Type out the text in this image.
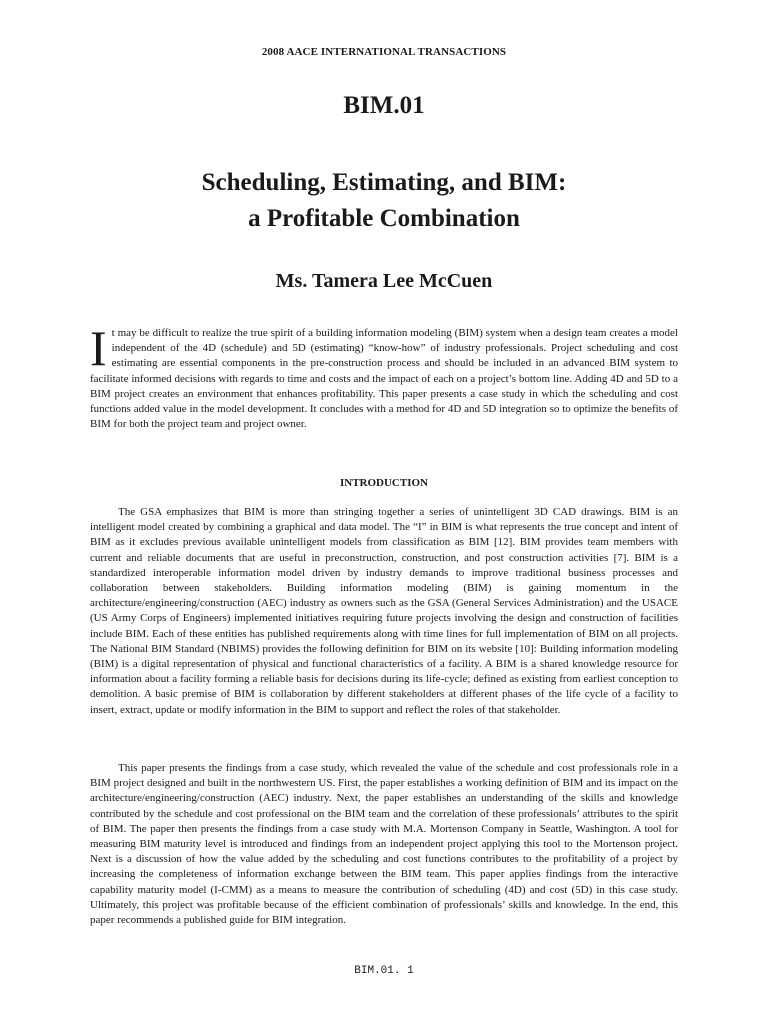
2008 AACE INTERNATIONAL TRANSACTIONS
BIM.01
Scheduling, Estimating, and BIM:
a Profitable Combination
Ms. Tamera Lee McCuen
I t may be difficult to realize the true spirit of a building information modeling (BIM) system when a design team creates a model independent of the 4D (schedule) and 5D (estimating) “know-how” of industry professionals. Project scheduling and cost estimating are essential components in the pre-construction process and should be included in an advanced BIM system to facilitate informed decisions with regards to time and costs and the impact of each on a project’s bottom line. Adding 4D and 5D to a BIM project creates an environment that enhances profitability. This paper presents a case study in which the scheduling and cost functions added value in the model development. It concludes with a method for 4D and 5D integration so to optimize the benefits of BIM for both the project team and project owner.
INTRODUCTION

The GSA emphasizes that BIM is more than stringing together a series of unintelligent 3D CAD drawings. BIM is an intelligent model created by combining a graphical and data model. The “I” in BIM is what represents the true concept and intent of BIM as it excludes previous available unintelligent models from classification as BIM [12]. BIM provides team members with current and reliable documents that are useful in preconstruction, construction, and post construction activities [7]. BIM is a standardized interoperable information model driven by industry demands to improve traditional business processes and collaboration between stakeholders. Building information modeling (BIM) is gaining momentum in the architecture/engineering/construction (AEC) industry as owners such as the GSA (General Services Administration) and the USACE (US Army Corps of Engineers) implemented initiatives requiring future projects involving the design and construction of facilities include BIM. Each of these entities has published requirements along with time lines for full implementation of BIM on all projects. The National BIM Standard (NBIMS) provides the following definition for BIM on its website [10]: Building information modeling (BIM) is a digital representation of physical and functional characteristics of a facility. A BIM is a shared knowledge resource for information about a facility forming a reliable basis for decisions during its life-cycle; defined as existing from earliest conception to demolition. A basic premise of BIM is collaboration by different stakeholders at different phases of the life cycle of a facility to insert, extract, update or modify information in the BIM to support and reflect the roles of that stakeholder.

This paper presents the findings from a case study, which revealed the value of the schedule and cost professionals role in a BIM project designed and built in the northwestern US. First, the paper establishes a working definition of BIM and its impact on the architecture/engineering/construction (AEC) industry. Next, the paper establishes an understanding of the skills and knowledge contributed by the schedule and cost professional on the BIM team and the correlation of these professionals’ attributes to the spirit of BIM. The paper then presents the findings from a case study with M.A. Mortenson Company in Seattle, Washington. A tool for measuring BIM maturity level is introduced and findings from an independent project applying this tool to the Mortenson project. Next is a discussion of how the value added by the scheduling and cost functions contributes to the profitability of a project by increasing the completeness of information exchange between the BIM team. This paper applies findings from the interactive capability maturity model (I-CMM) as a means to measure the contribution of scheduling (4D) and cost (5D) in this case study. Ultimately, this project was profitable because of the efficient combination of professionals’ skills and knowledge. In the end, this paper recommends a published guide for BIM integration.

BIM.01. 1
